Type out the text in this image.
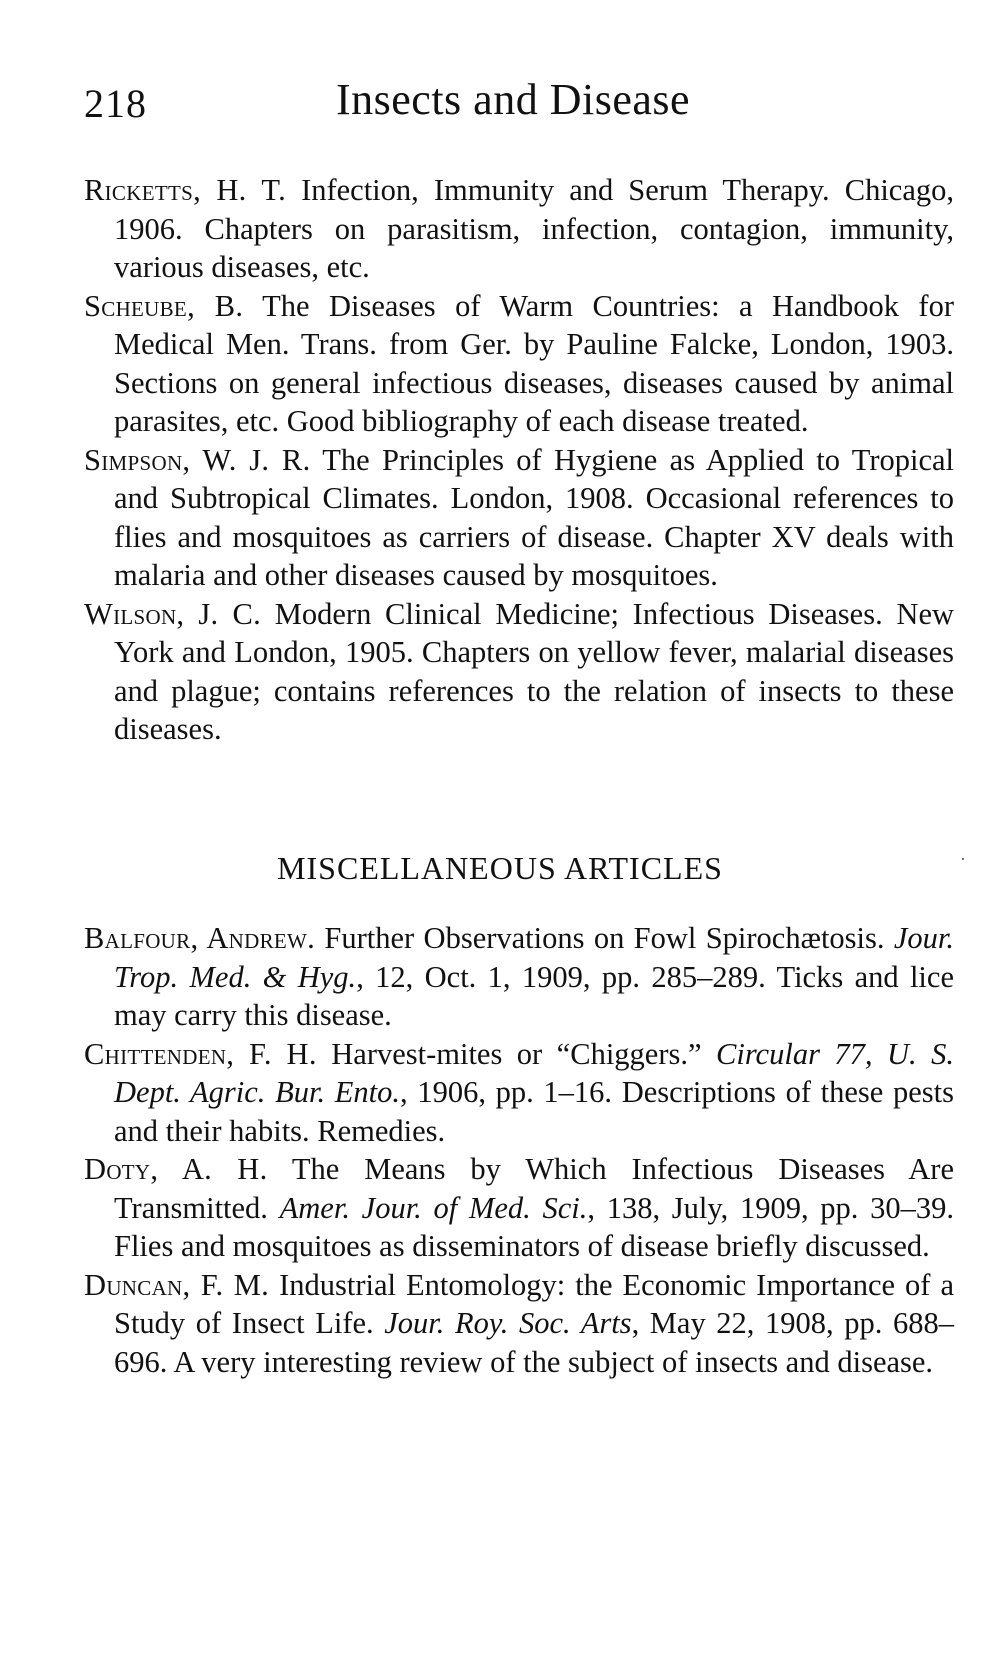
218	Insects and Disease

Ricketts, H. T. Infection, Immunity and Serum Therapy. Chicago, 1906. Chapters on parasitism, infection, contagion, immunity, various diseases, etc.

Scheube, B. The Diseases of Warm Countries: a Handbook for Medical Men. Trans. from Ger. by Pauline Falcke, London, 1903. Sections on general infectious diseases, diseases caused by animal parasites, etc. Good bibliography of each disease treated.

Simpson, W. J. R. The Principles of Hygiene as Applied to Tropical and Subtropical Climates. London, 1908. Occasional references to flies and mosquitoes as carriers of disease. Chapter XV deals with malaria and other diseases caused by mosquitoes.

Wilson, J. C. Modern Clinical Medicine; Infectious Diseases. New York and London, 1905. Chapters on yellow fever, malarial diseases and plague; contains references to the relation of insects to these diseases.

MISCELLANEOUS ARTICLES

Balfour, Andrew. Further Observations on Fowl Spirochætosis. Jour. Trop. Med. & Hyg., 12, Oct. 1, 1909, pp. 285–289. Ticks and lice may carry this disease.

Chittenden, F. H. Harvest-mites or “Chiggers.” Circular 77, U. S. Dept. Agric. Bur. Ento., 1906, pp. 1–16. Descriptions of these pests and their habits. Remedies.

Doty, A. H. The Means by Which Infectious Diseases Are Transmitted. Amer. Jour. of Med. Sci., 138, July, 1909, pp. 30–39. Flies and mosquitoes as disseminators of disease briefly discussed.

Duncan, F. M. Industrial Entomology: the Economic Importance of a Study of Insect Life. Jour. Roy. Soc. Arts, May 22, 1908, pp. 688–696. A very interesting review of the subject of insects and disease.
